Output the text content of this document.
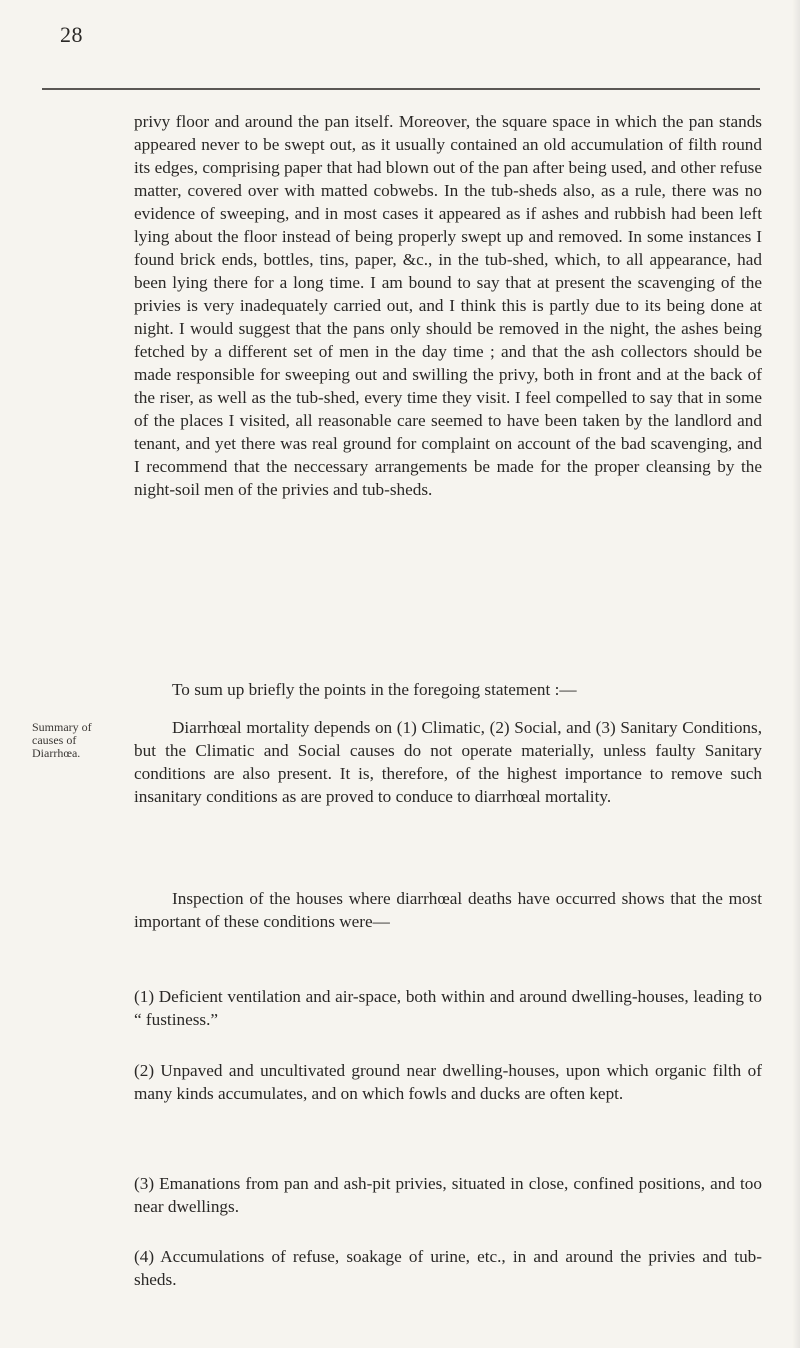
28

privy floor and around the pan itself. Moreover, the square space in which the pan stands appeared never to be swept out, as it usually contained an old accumulation of filth round its edges, comprising paper that had blown out of the pan after being used, and other refuse matter, covered over with matted cobwebs. In the tub-sheds also, as a rule, there was no evidence of sweeping, and in most cases it appeared as if ashes and rubbish had been left lying about the floor instead of being properly swept up and removed. In some instances I found brick ends, bottles, tins, paper, &c., in the tub-shed, which, to all appearance, had been lying there for a long time. I am bound to say that at present the scavenging of the privies is very inadequately carried out, and I think this is partly due to its being done at night. I would suggest that the pans only should be removed in the night, the ashes being fetched by a different set of men in the day time ; and that the ash collectors should be made responsible for sweeping out and swilling the privy, both in front and at the back of the riser, as well as the tub-shed, every time they visit. I feel compelled to say that in some of the places I visited, all reasonable care seemed to have been taken by the landlord and tenant, and yet there was real ground for complaint on account of the bad scavenging, and I recommend that the neccessary arrangements be made for the proper cleansing by the night-soil men of the privies and tub-sheds.

To sum up briefly the points in the foregoing statement :—

Summary of causes of Diarrhœa.

Diarrhœal mortality depends on (1) Climatic, (2) Social, and (3) Sanitary Conditions, but the Climatic and Social causes do not operate materially, unless faulty Sanitary conditions are also present. It is, therefore, of the highest importance to remove such insanitary conditions as are proved to conduce to diarrhœal mortality.

Inspection of the houses where diarrhœal deaths have occurred shows that the most important of these conditions were—

(1) Deficient ventilation and air-space, both within and around dwelling-houses, leading to “ fustiness.”

(2) Unpaved and uncultivated ground near dwelling-houses, upon which organic filth of many kinds accumulates, and on which fowls and ducks are often kept.

(3) Emanations from pan and ash-pit privies, situated in close, confined positions, and too near dwellings.

(4) Accumulations of refuse, soakage of urine, etc., in and around the privies and tub-sheds.
